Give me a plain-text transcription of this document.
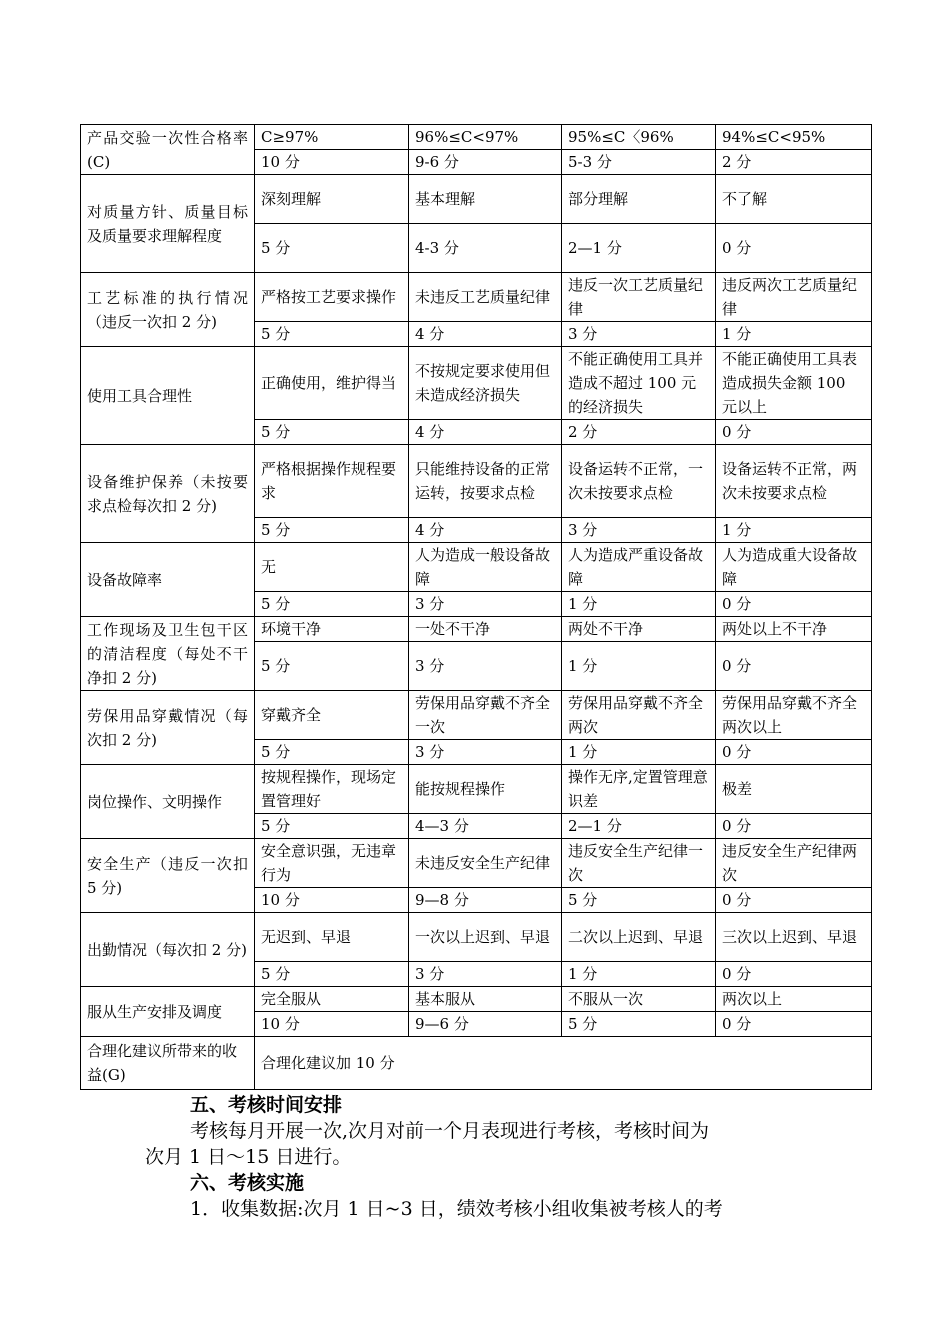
产品交验一次性合格率(C)	C≥97%	96%≤C<97%	95%≤C〈96%	94%≤C<95%
	10 分	9-6 分	5-3 分	2 分
对质量方针、质量目标及质量要求理解程度	深刻理解	基本理解	部分理解	不了解
	5 分	4-3 分	2—1 分	0 分
工艺标准的执行情况（违反一次扣 2 分)	严格按工艺要求操作	未违反工艺质量纪律	违反一次工艺质量纪律	违反两次工艺质量纪律
	5 分	4 分	3 分	1 分
使用工具合理性	正确使用，维护得当	不按规定要求使用但未造成经济损失	不能正确使用工具并造成不超过 100 元的经济损失	不能正确使用工具表造成损失金额 100 元以上
	5 分	4 分	2 分	0 分
设备维护保养（未按要求点检每次扣 2 分)	严格根据操作规程要求	只能维持设备的正常运转，按要求点检	设备运转不正常，一次未按要求点检	设备运转不正常，两次未按要求点检
	5 分	4 分	3 分	1 分
设备故障率	无	人为造成一般设备故障	人为造成严重设备故障	人为造成重大设备故障
	5 分	3 分	1 分	0 分
工作现场及卫生包干区的清洁程度（每处不干净扣 2 分)	环境干净	一处不干净	两处不干净	两处以上不干净
	5 分	3 分	1 分	0 分
劳保用品穿戴情况（每次扣 2 分)	穿戴齐全	劳保用品穿戴不齐全一次	劳保用品穿戴不齐全两次	劳保用品穿戴不齐全两次以上
	5 分	3 分	1 分	0 分
岗位操作、文明操作	按规程操作，现场定置管理好	能按规程操作	操作无序,定置管理意识差	极差
	5 分	4—3 分	2—1 分	0 分
安全生产（违反一次扣 5 分)	安全意识强，无违章行为	未违反安全生产纪律	违反安全生产纪律一次	违反安全生产纪律两次
	10 分	9—8 分	5 分	0 分
出勤情况（每次扣 2 分)	无迟到、早退	一次以上迟到、早退	二次以上迟到、早退	三次以上迟到、早退
	5 分	3 分	1 分	0 分
服从生产安排及调度	完全服从	基本服从	不服从一次	两次以上
	10 分	9—6 分	5 分	0 分
合理化建议所带来的收益(G)	合理化建议加 10 分			

五、考核时间安排

考核每月开展一次,次月对前一个月表现进行考核，考核时间为

次月 1 日～15 日进行。

六、考核实施

1．收集数据:次月 1 日~3 日，绩效考核小组收集被考核人的考
